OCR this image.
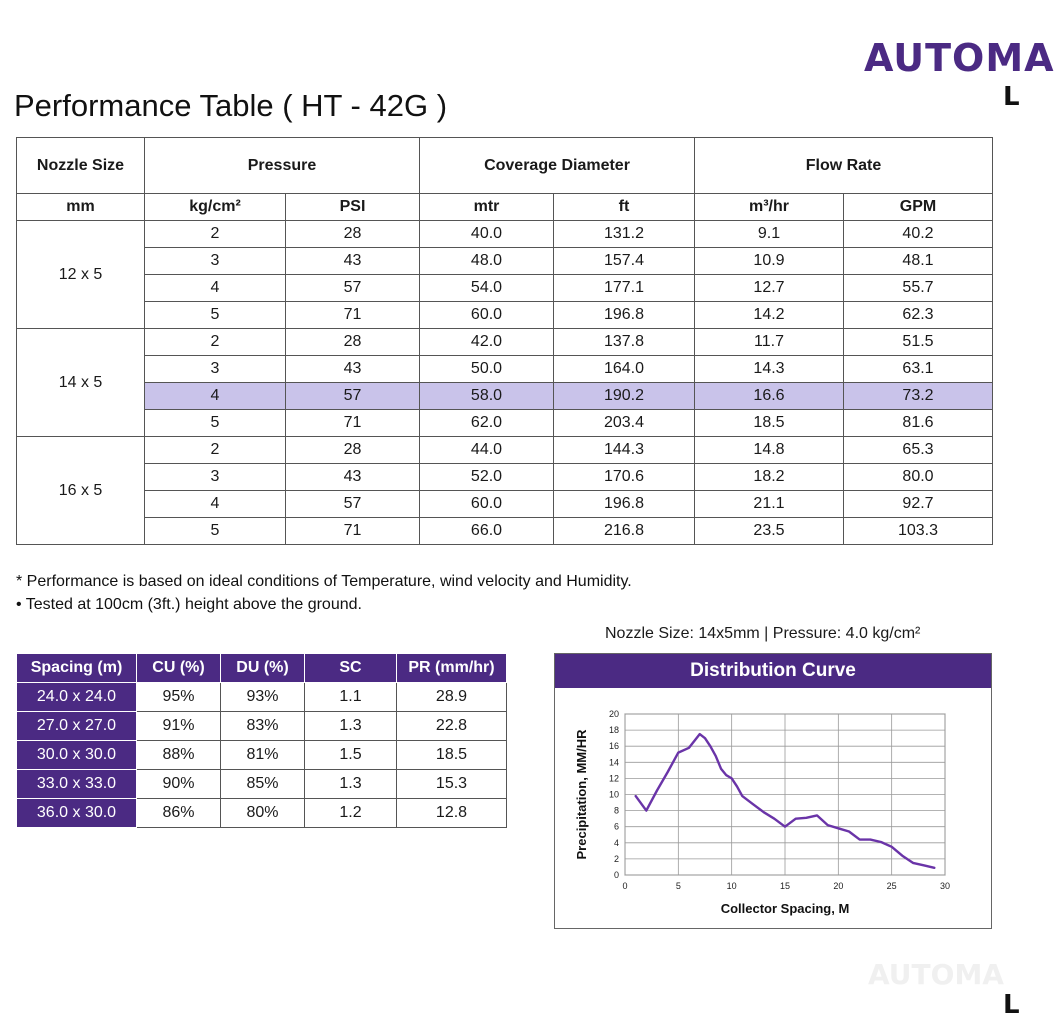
AUTOMA
L
AUTOMA
L
Performance Table ( HT - 42G )
Nozzle Size	Pressure		Coverage Diameter		Flow Rate	
mm	kg/cm²	PSI	mtr	ft	m³/hr	GPM
12 x 5	2	28	40.0	131.2	9.1	40.2
	3	43	48.0	157.4	10.9	48.1
	4	57	54.0	177.1	12.7	55.7
	5	71	60.0	196.8	14.2	62.3
14 x 5	2	28	42.0	137.8	11.7	51.5
	3	43	50.0	164.0	14.3	63.1
	4	57	58.0	190.2	16.6	73.2
	5	71	62.0	203.4	18.5	81.6
16 x 5	2	28	44.0	144.3	14.8	65.3
	3	43	52.0	170.6	18.2	80.0
	4	57	60.0	196.8	21.1	92.7
	5	71	66.0	216.8	23.5	103.3
* Performance is based on ideal conditions of Temperature, wind velocity and Humidity.
• Tested at 100cm (3ft.) height above the ground.
Nozzle Size: 14x5mm | Pressure: 4.0 kg/cm²
Spacing (m)	CU (%)	DU (%)	SC	PR (mm/hr)
24.0 x 24.0	95%	93%	1.1	28.9
27.0 x 27.0	91%	83%	1.3	22.8
30.0 x 30.0	88%	81%	1.5	18.5
33.0 x 33.0	90%	85%	1.3	15.3
36.0 x 30.0	86%	80%	1.2	12.8
Distribution Curve
0
2
4
6
8
10
12
14
16
18
20
0	5	10	15	20	25	30
Collector Spacing, M
Precipitation, MM/HR
